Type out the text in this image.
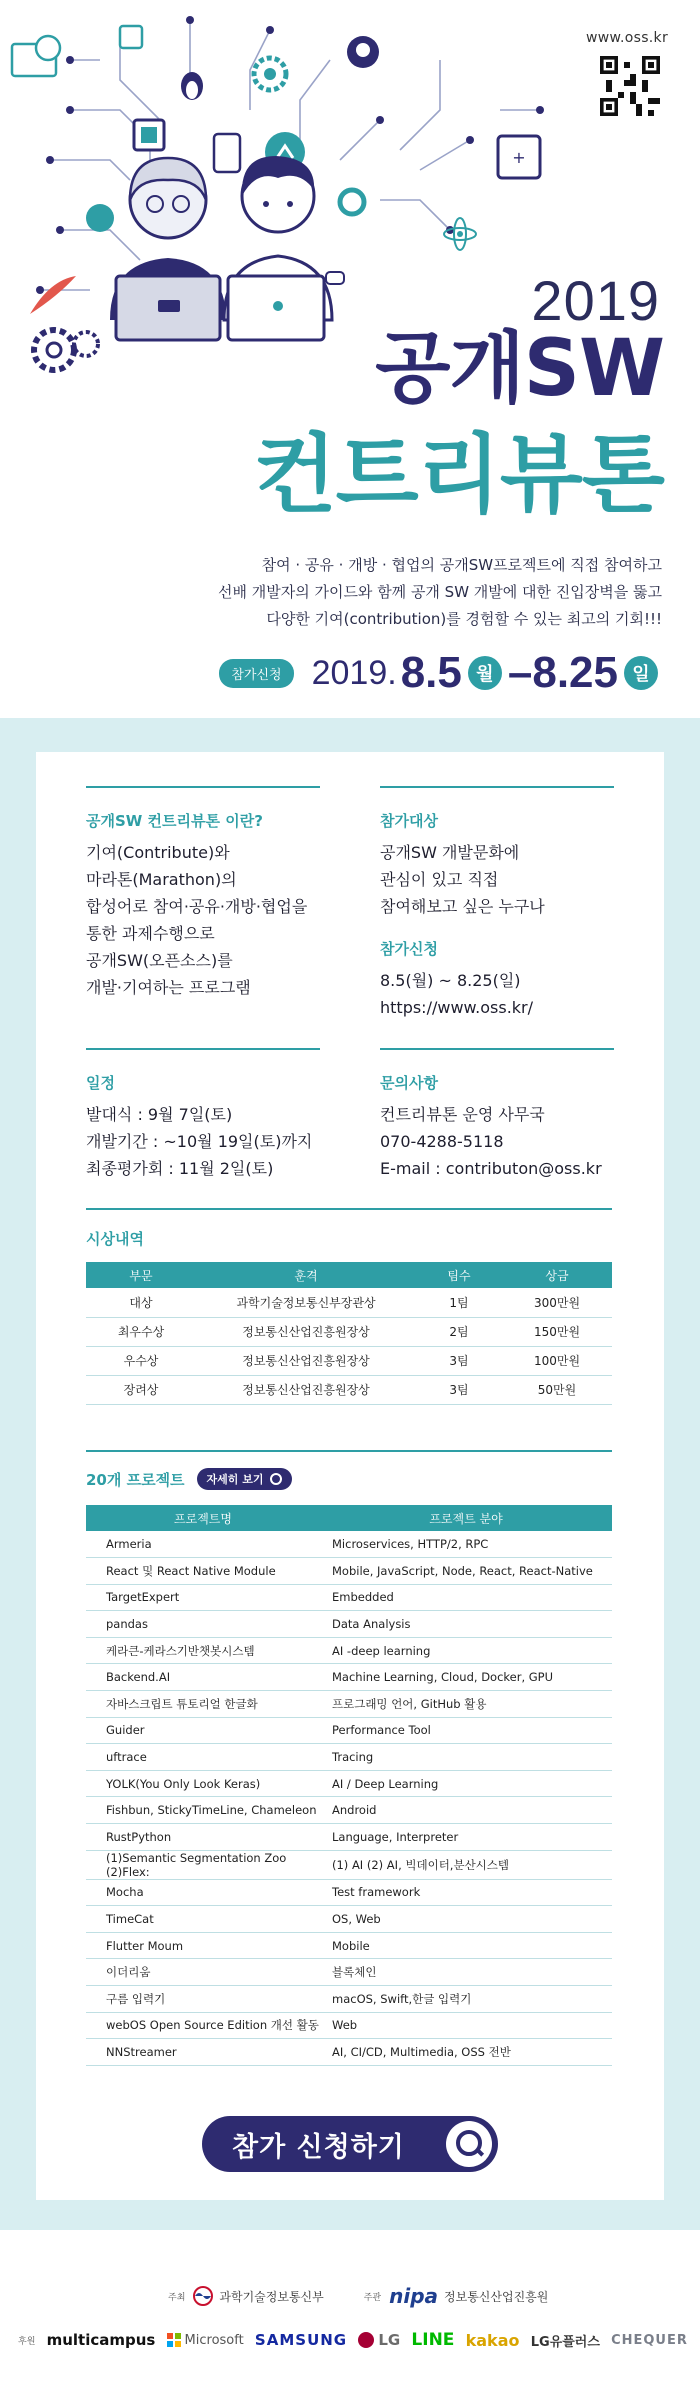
+
www.oss.kr
2019
공개SW
컨트리뷰톤
참여 · 공유 · 개방 · 협업의 공개SW프로젝트에 직접 참여하고
선배 개발자의 가이드와 함께 공개 SW 개발에 대한 진입장벽을 뚫고
다양한 기여(contribution)를 경험할 수 있는 최고의 기회!!!
참가신청 2019. 8.5 월 – 8.25 일
공개SW 컨트리뷰톤 이란?
기여(Contribute)와
마라톤(Marathon)의
합성어로 참여·공유·개방·협업을
통한 과제수행으로
공개SW(오픈소스)를
개발·기여하는 프로그램
참가대상
공개SW 개발문화에
관심이 있고 직접
참여해보고 싶은 누구나
참가신청
8.5(월) ~ 8.25(일)
https://www.oss.kr/
일정
발대식 : 9월 7일(토)
개발기간 : ~10월 19일(토)까지
최종평가회 : 11월 2일(토)
문의사항
컨트리뷰톤 운영 사무국
070-4288-5118
E-mail : contributon@oss.kr
시상내역
부문	훈격	팀수	상금
대상	과학기술정보통신부장관상	1팀	300만원
최우수상	정보통신산업진흥원장상	2팀	150만원
우수상	정보통신산업진흥원장상	3팀	100만원
장려상	정보통신산업진흥원장상	3팀	50만원
20개 프로젝트 자세히 보기
프로젝트명	프로젝트 분야
Armeria	Microservices, HTTP/2, RPC
React 및 React Native Module	Mobile, JavaScript, Node, React, React-Native
TargetExpert	Embedded
pandas	Data Analysis
케라큰-케라스기반챗봇시스템	AI -deep learning
Backend.AI	Machine Learning, Cloud, Docker, GPU
자바스크립트 튜토리얼 한글화	프로그래밍 언어, GitHub 활용
Guider	Performance Tool
uftrace	Tracing
YOLK(You Only Look Keras)	AI / Deep Learning
Fishbun, StickyTimeLine, Chameleon	Android
RustPython	Language, Interpreter
(1)Semantic Segmentation Zoo (2)Flex:	(1) AI (2) AI, 빅데이터,분산시스템
Mocha	Test framework
TimeCat	OS, Web
Flutter Moum	Mobile
이더리움	블록체인
구름 입력기	macOS, Swift,한글 입력기
webOS Open Source Edition 개선 활동	Web
NNStreamer	AI, CI/CD, Multimedia, OSS 전반
참가 신청하기
주최	과학기술정보통신부	주관 nipa 정보통신산업진흥원
후원 multicampus Microsoft SAMSUNG LG LINE kakao LG유플러스 CHEQUER
